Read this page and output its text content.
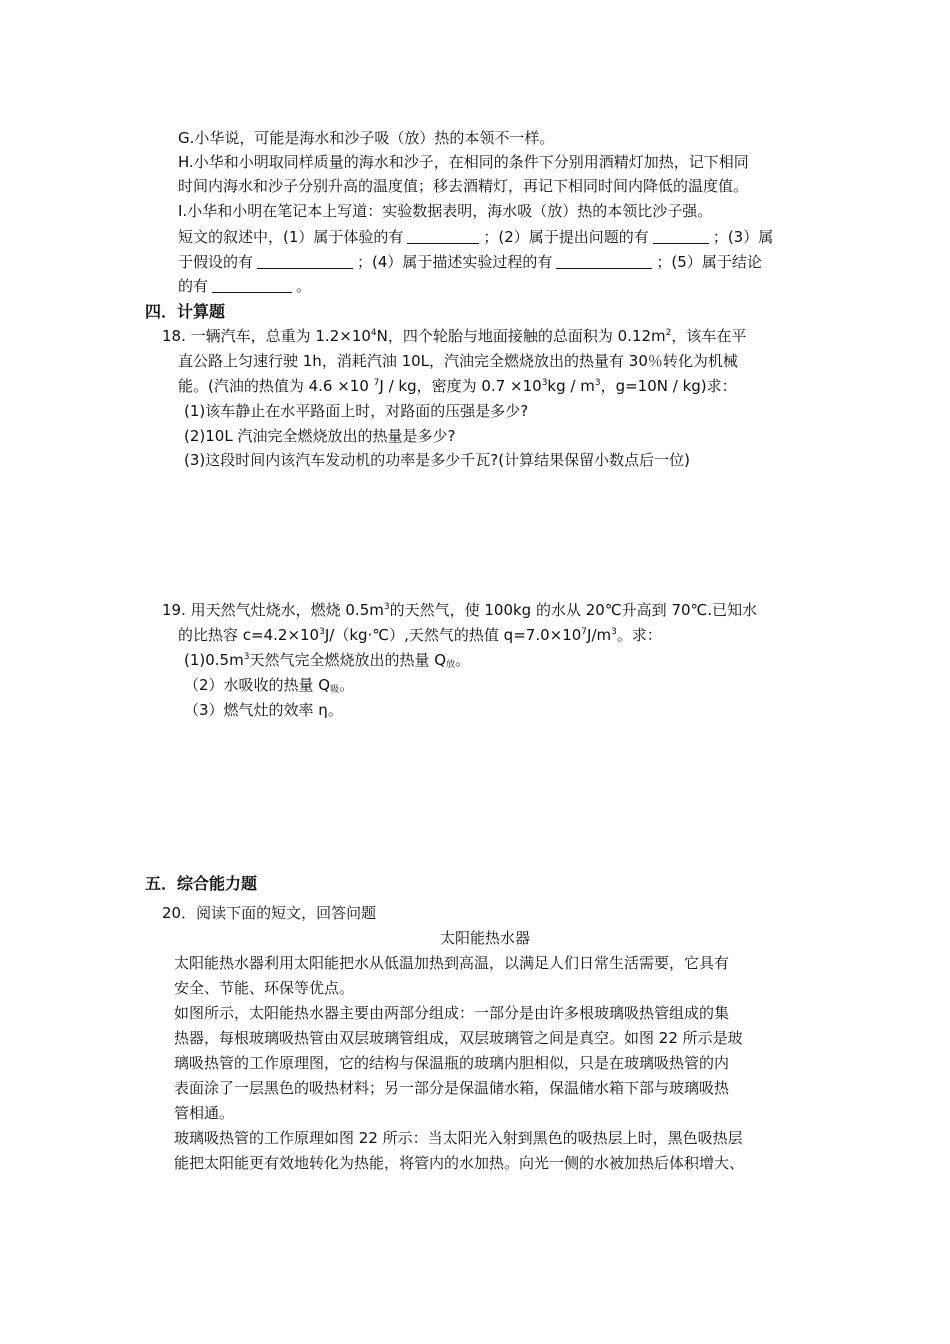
G.小华说，可能是海水和沙子吸（放）热的本领不一样。
H.小华和小明取同样质量的海水和沙子，在相同的条件下分别用酒精灯加热，记下相同
时间内海水和沙子分别升高的温度值；移去酒精灯，再记下相同时间内降低的温度值。
I.小华和小明在笔记本上写道：实验数据表明，海水吸（放）热的本领比沙子强。
短文的叙述中，(1）属于体验的有	；(2）属于提出问题的有	；(3）属
于假设的有	；(4）属于描述实验过程的有	；(5）属于结论
的有	。
四．计算题
18. 一辆汽车，总重为 $1.2\times 10^4N$，四个轮胎与地面接触的总面积为 $0.12m^2$，该车在平
直公路上匀速行驶 1h，消耗汽油 10L，汽油完全燃烧放出的热量有 30％转化为机械
能。(汽油的热值为 4.6 ×10 $^7$J / kg，密度为 $0.7 \times 10^3kg / m^3$，g=10N / kg)求：
(1)该车静止在水平路面上时，对路面的压强是多少?
(2)10L 汽油完全燃烧放出的热量是多少?
(3)这段时间内该汽车发动机的功率是多少千瓦?(计算结果保留小数点后一位)
19. 用天然气灶烧水，燃烧 $0.5m^3$的天然气，使 100kg 的水从 20℃升高到 70℃.已知水
的比热容 $c=4.2\times 10^3J/(kg\cdot℃)$,天然气的热值 $q=7.0\times 10^7J/m^3$。求：
$(1)0.5m^3$天然气完全燃烧放出的热量 $Q_放$。
（2）水吸收的热量 $Q_吸$。
（3）燃气灶的效率 η。
五．综合能力题
20．阅读下面的短文，回答问题
太阳能热水器
太阳能热水器利用太阳能把水从低温加热到高温，以满足人们日常生活需要，它具有
安全、节能、环保等优点。
如图所示，太阳能热水器主要由两部分组成：一部分是由许多根玻璃吸热管组成的集
热器，每根玻璃吸热管由双层玻璃管组成，双层玻璃管之间是真空。如图 22 所示是玻
璃吸热管的工作原理图，它的结构与保温瓶的玻璃内胆相似，只是在玻璃吸热管的内
表面涂了一层黑色的吸热材料；另一部分是保温储水箱，保温储水箱下部与玻璃吸热
管相通。
玻璃吸热管的工作原理如图 22 所示：当太阳光入射到黑色的吸热层上时，黑色吸热层
能把太阳能更有效地转化为热能，将管内的水加热。向光一侧的水被加热后体积增大、
